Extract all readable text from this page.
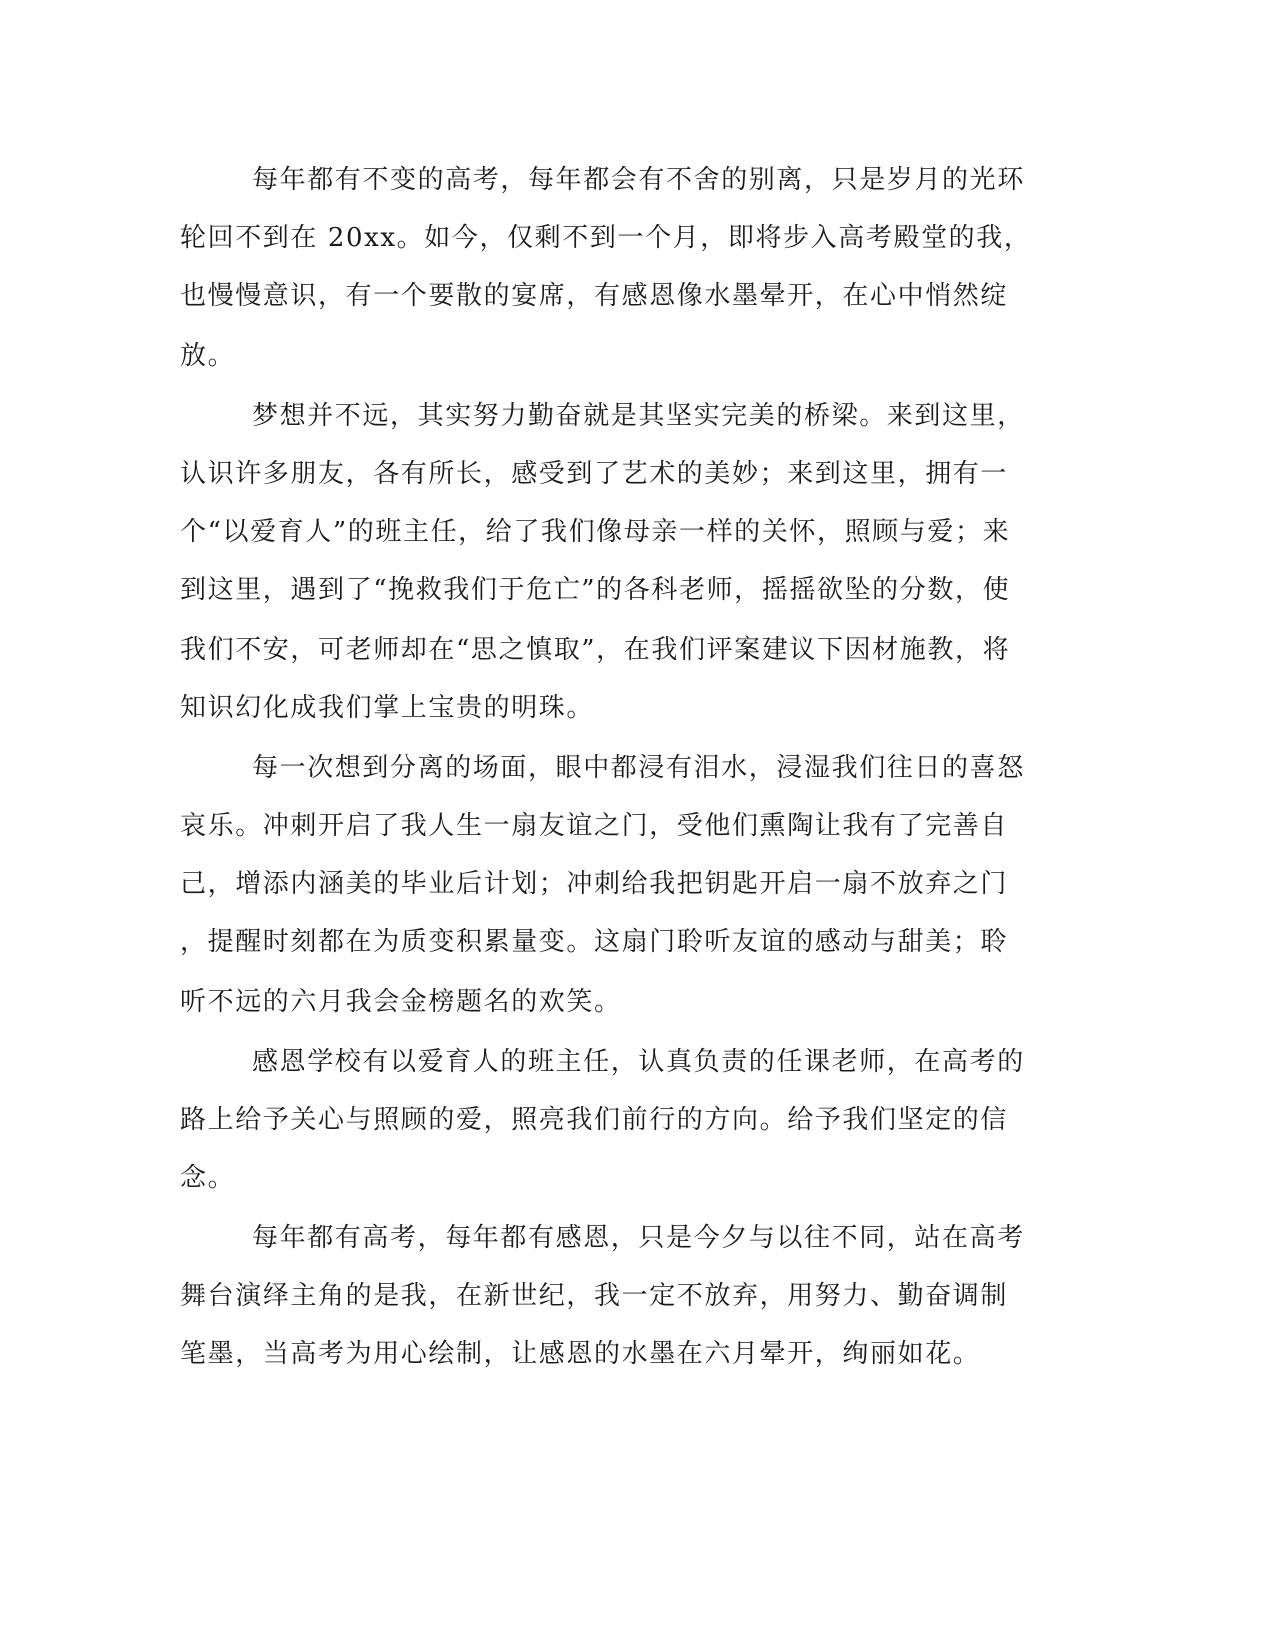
每年都有不变的高考，每年都会有不舍的别离，只是岁月的光环
轮回不到在 20xx。如今，仅剩不到一个月，即将步入高考殿堂的我，
也慢慢意识，有一个要散的宴席，有感恩像水墨晕开，在心中悄然绽
放。
梦想并不远，其实努力勤奋就是其坚实完美的桥梁。来到这里，
认识许多朋友，各有所长，感受到了艺术的美妙；来到这里，拥有一
个“以爱育人”的班主任，给了我们像母亲一样的关怀，照顾与爱；来
到这里，遇到了“挽救我们于危亡”的各科老师，摇摇欲坠的分数，使
我们不安，可老师却在“思之慎取”，在我们评案建议下因材施教，将
知识幻化成我们掌上宝贵的明珠。
每一次想到分离的场面，眼中都浸有泪水，浸湿我们往日的喜怒
哀乐。冲刺开启了我人生一扇友谊之门，受他们熏陶让我有了完善自
己，增添内涵美的毕业后计划；冲刺给我把钥匙开启一扇不放弃之门
，提醒时刻都在为质变积累量变。这扇门聆听友谊的感动与甜美；聆
听不远的六月我会金榜题名的欢笑。
感恩学校有以爱育人的班主任，认真负责的任课老师，在高考的
路上给予关心与照顾的爱，照亮我们前行的方向。给予我们坚定的信
念。
每年都有高考，每年都有感恩，只是今夕与以往不同，站在高考
舞台演绎主角的是我，在新世纪，我一定不放弃，用努力、勤奋调制
笔墨，当高考为用心绘制，让感恩的水墨在六月晕开，绚丽如花。
